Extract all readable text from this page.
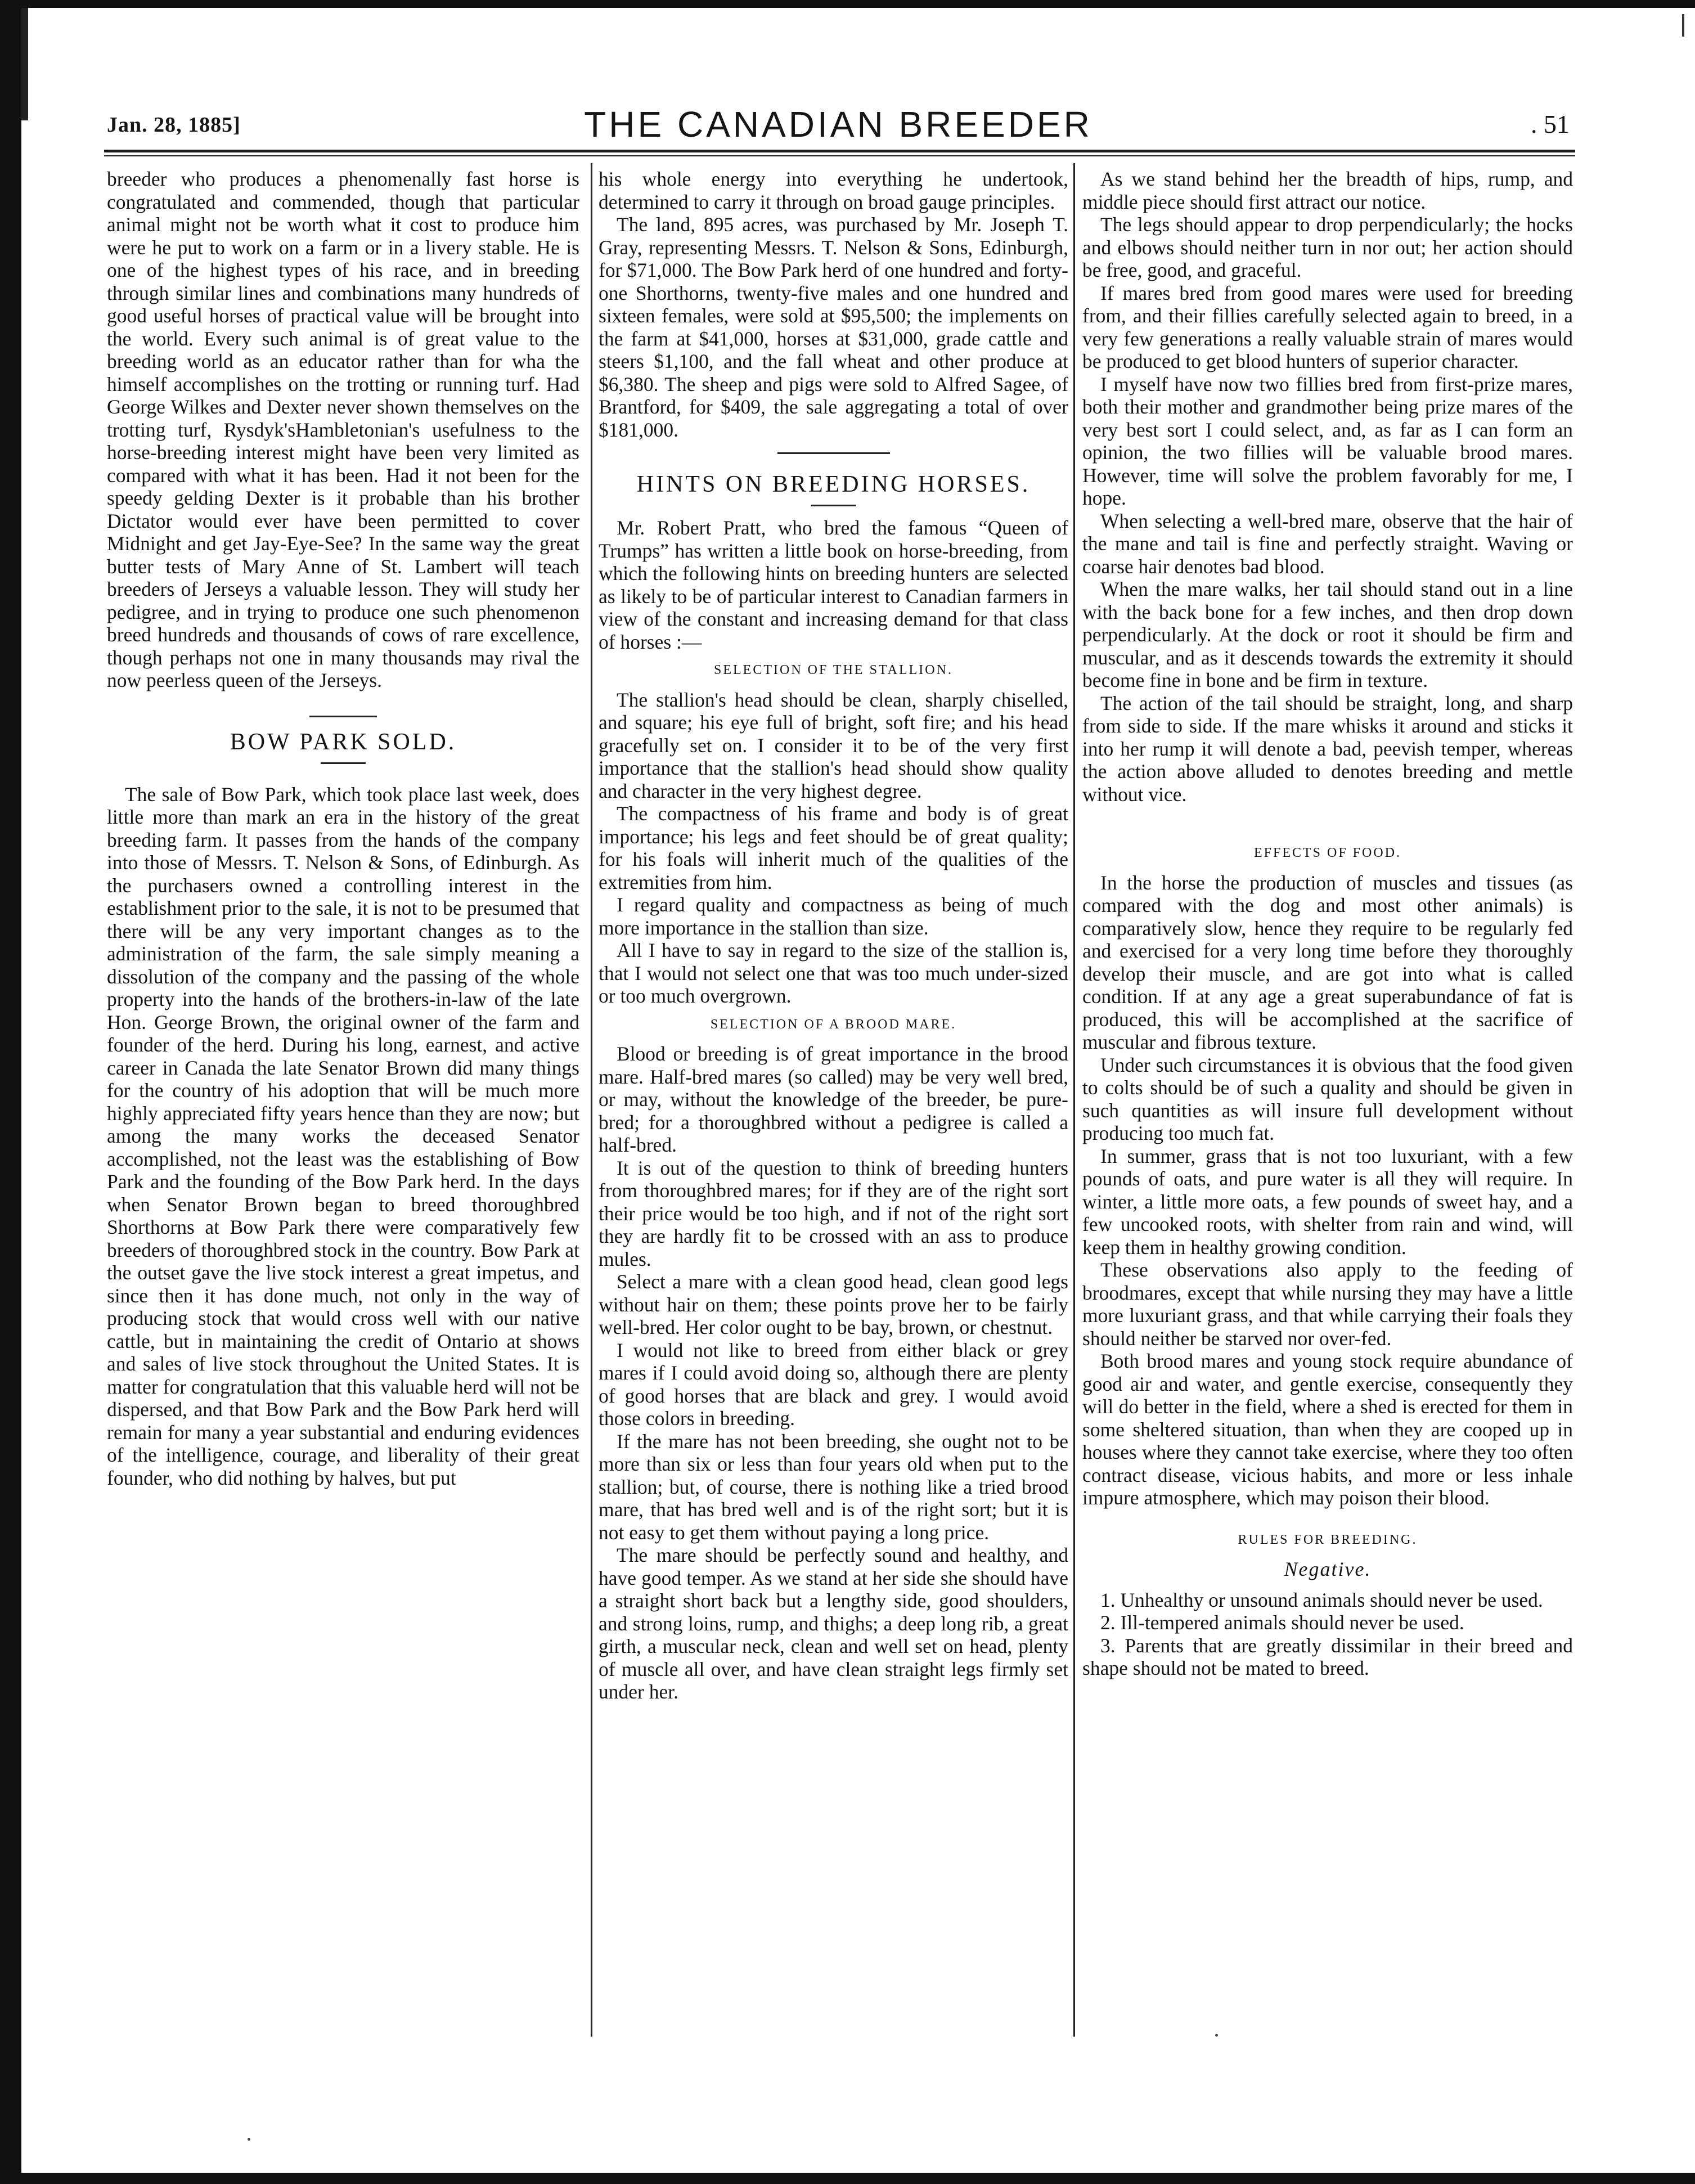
Jan. 28, 1885]	THE CANADIAN BREEDER	. 51

breeder who produces a phenomenally fast horse is congratulated and commended, though that particular animal might not be worth what it cost to produce him were he put to work on a farm or in a livery stable. He is one of the highest types of his race, and in breeding through similar lines and combinations many hundreds of good useful horses of practical value will be brought into the world. Every such animal is of great value to the breeding world as an educator rather than for wha the himself accomplishes on the trotting or running turf. Had George Wilkes and Dexter never shown themselves on the trotting turf, Rysdyk'sHambletonian's usefulness to the horse-breeding interest might have been very limited as compared with what it has been. Had it not been for the speedy gelding Dexter is it probable than his brother Dictator would ever have been permitted to cover Midnight and get Jay-Eye-See? In the same way the great butter tests of Mary Anne of St. Lambert will teach breeders of Jerseys a valuable lesson. They will study her pedigree, and in trying to produce one such phenomenon breed hundreds and thousands of cows of rare excellence, though perhaps not one in many thousands may rival the now peerless queen of the Jerseys.

BOW PARK SOLD.

The sale of Bow Park, which took place last week, does little more than mark an era in the history of the great breeding farm. It passes from the hands of the company into those of Messrs. T. Nelson & Sons, of Edinburgh. As the purchasers owned a controlling interest in the establishment prior to the sale, it is not to be presumed that there will be any very important changes as to the administration of the farm, the sale simply meaning a dissolution of the company and the passing of the whole property into the hands of the brothers-in-law of the late Hon. George Brown, the original owner of the farm and founder of the herd. During his long, earnest, and active career in Canada the late Senator Brown did many things for the country of his adoption that will be much more highly appreciated fifty years hence than they are now; but among the many works the deceased Senator accomplished, not the least was the establishing of Bow Park and the founding of the Bow Park herd. In the days when Senator Brown began to breed thoroughbred Shorthorns at Bow Park there were comparatively few breeders of thoroughbred stock in the country. Bow Park at the outset gave the live stock interest a great impetus, and since then it has done much, not only in the way of producing stock that would cross well with our native cattle, but in maintaining the credit of Ontario at shows and sales of live stock throughout the United States. It is matter for congratulation that this valuable herd will not be dispersed, and that Bow Park and the Bow Park herd will remain for many a year substantial and enduring evidences of the intelligence, courage, and liberality of their great founder, who did nothing by halves, but put

his whole energy into everything he undertook, determined to carry it through on broad gauge principles.

The land, 895 acres, was purchased by Mr. Joseph T. Gray, representing Messrs. T. Nelson & Sons, Edinburgh, for $71,000. The Bow Park herd of one hundred and forty-one Shorthorns, twenty-five males and one hundred and sixteen females, were sold at $95,500; the implements on the farm at $41,000, horses at $31,000, grade cattle and steers $1,100, and the fall wheat and other produce at $6,380. The sheep and pigs were sold to Alfred Sagee, of Brantford, for $409, the sale aggregating a total of over $181,000.

HINTS ON BREEDING HORSES.

Mr. Robert Pratt, who bred the famous “Queen of Trumps” has written a little book on horse-breeding, from which the following hints on breeding hunters are selected as likely to be of particular interest to Canadian farmers in view of the constant and increasing demand for that class of horses :—

SELECTION OF THE STALLION.

The stallion's head should be clean, sharply chiselled, and square; his eye full of bright, soft fire; and his head gracefully set on. I consider it to be of the very first importance that the stallion's head should show quality and character in the very highest degree.

The compactness of his frame and body is of great importance; his legs and feet should be of great quality; for his foals will inherit much of the qualities of the extremities from him.

I regard quality and compactness as being of much more importance in the stallion than size.

All I have to say in regard to the size of the stallion is, that I would not select one that was too much under-sized or too much overgrown.

SELECTION OF A BROOD MARE.

Blood or breeding is of great importance in the brood mare. Half-bred mares (so called) may be very well bred, or may, without the knowledge of the breeder, be pure-bred; for a thoroughbred without a pedigree is called a half-bred.

It is out of the question to think of breeding hunters from thoroughbred mares; for if they are of the right sort their price would be too high, and if not of the right sort they are hardly fit to be crossed with an ass to produce mules.

Select a mare with a clean good head, clean good legs without hair on them; these points prove her to be fairly well-bred. Her color ought to be bay, brown, or chestnut.

I would not like to breed from either black or grey mares if I could avoid doing so, although there are plenty of good horses that are black and grey. I would avoid those colors in breeding.

If the mare has not been breeding, she ought not to be more than six or less than four years old when put to the stallion; but, of course, there is nothing like a tried brood mare, that has bred well and is of the right sort; but it is not easy to get them without paying a long price.

The mare should be perfectly sound and healthy, and have good temper. As we stand at her side she should have a straight short back but a lengthy side, good shoulders, and strong loins, rump, and thighs; a deep long rib, a great girth, a muscular neck, clean and well set on head, plenty of muscle all over, and have clean straight legs firmly set under her.

As we stand behind her the breadth of hips, rump, and middle piece should first attract our notice.

The legs should appear to drop perpendicularly; the hocks and elbows should neither turn in nor out; her action should be free, good, and graceful.

If mares bred from good mares were used for breeding from, and their fillies carefully selected again to breed, in a very few generations a really valuable strain of mares would be produced to get blood hunters of superior character.

I myself have now two fillies bred from first-prize mares, both their mother and grandmother being prize mares of the very best sort I could select, and, as far as I can form an opinion, the two fillies will be valuable brood mares. However, time will solve the problem favorably for me, I hope.

When selecting a well-bred mare, observe that the hair of the mane and tail is fine and perfectly straight. Waving or coarse hair denotes bad blood.

When the mare walks, her tail should stand out in a line with the back bone for a few inches, and then drop down perpendicularly. At the dock or root it should be firm and muscular, and as it descends towards the extremity it should become fine in bone and be firm in texture.

The action of the tail should be straight, long, and sharp from side to side. If the mare whisks it around and sticks it into her rump it will denote a bad, peevish temper, whereas the action above alluded to denotes breeding and mettle without vice.

EFFECTS OF FOOD.

In the horse the production of muscles and tissues (as compared with the dog and most other animals) is comparatively slow, hence they require to be regularly fed and exercised for a very long time before they thoroughly develop their muscle, and are got into what is called condition. If at any age a great superabundance of fat is produced, this will be accomplished at the sacrifice of muscular and fibrous texture.

Under such circumstances it is obvious that the food given to colts should be of such a quality and should be given in such quantities as will insure full development without producing too much fat.

In summer, grass that is not too luxuriant, with a few pounds of oats, and pure water is all they will require. In winter, a little more oats, a few pounds of sweet hay, and a few uncooked roots, with shelter from rain and wind, will keep them in healthy growing condition.

These observations also apply to the feeding of broodmares, except that while nursing they may have a little more luxuriant grass, and that while carrying their foals they should neither be starved nor over-fed.

Both brood mares and young stock require abundance of good air and water, and gentle exercise, consequently they will do better in the field, where a shed is erected for them in some sheltered situation, than when they are cooped up in houses where they cannot take exercise, where they too often contract disease, vicious habits, and more or less inhale impure atmosphere, which may poison their blood.

RULES FOR BREEDING.
Negative.
1. Unhealthy or unsound animals should never be used.
2. Ill-tempered animals should never be used.
3. Parents that are greatly dissimilar in their breed and shape should not be mated to breed.
